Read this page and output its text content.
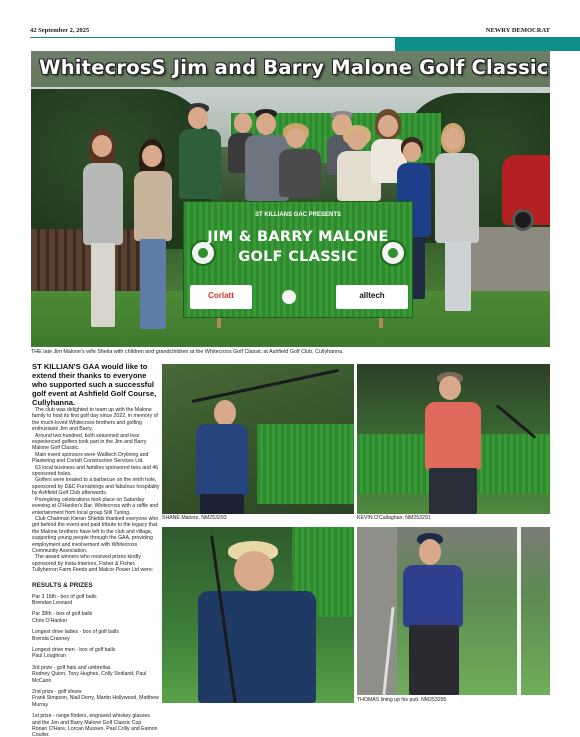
42 September 2, 2025	NEWRY DEMOCRAT
ST KILLIANS GAC PRESENTS
JIM & BARRY MALONE
GOLF CLASSIC
Corlatt	alltech
WhitecrosS Jim and Barry Malone Golf Classic
THE late Jim Malone's wife Sheila with children and grandchildren at the Whitecross Golf Classic at Ashfield Golf Club, Cullyhanna.

ST KILLIAN'S GAA would like to extend their thanks to everyone who supported such a successful golf event at Ashfield Golf Course, Cullyhanna.

The club was delighted to team up with the Malone family to host its first golf day since 2022, in memory of the much-loved Whitecross brothers and golfing enthusiasts Jim and Barry.

Around two hundred, both seasoned and less experienced golfers took part in the Jim and Barry Malone Golf Classic.

Main event sponsors were Walltech Drylining and Plastering and Corlatt Construction Services Ltd.

63 local business and families sponsored tees and 46 sponsored holes.

Golfers were treated to a barbecue on the ninth hole, sponsored by D&C Furnishings and fabulous hospitality by Ashfield Golf Club afterwards.

Prizegiving celebrations took place on Saturday evening at O'Hanlon's Bar, Whitecross with a raffle and entertainment from local group Still Tuning.

Club Chairman Kieran Shields thanked everyone who got behind the event and paid tribute to the legacy that the Malone brothers have left to the club and village, supporting young people through the GAA, providing employment and involvement with Whitecross Community Association.

The award winners who received prizes kindly sponsored by Insta-Interiors, Fisher & Fisher, Tullyherron Farm Feeds and Malcor Power Ltd were:

RESULTS & PRIZES

Par 3 16th - box of golf balls
Brendan Leonard
Par 38th - box of golf balls
Chris O'Hanlon
Longest drive ladies - box of golf balls
Brenda Cranney
Longest drive men - box of golf balls
Paul Loughran
3rd prize - golf hats and umbrellas
Rodney Quinn, Tony Hughes, Colly Stotland, Paul McCann
2nd prize - golf shoes
Frank Simpson, Niall Derry, Martin Hollywood, Matthew Murray
1st prize - range finders, engraved whiskey glasses and the Jim and Barry Malone Golf Classic Cup
Ronan O'Hare, Lorcan Mussen, Paul Crilly and Eamon Coulter.
SHANE Malone. NM253293	KEVIN O'Callaghan. NM253291
THOMAS lining up his putt. NM253295
